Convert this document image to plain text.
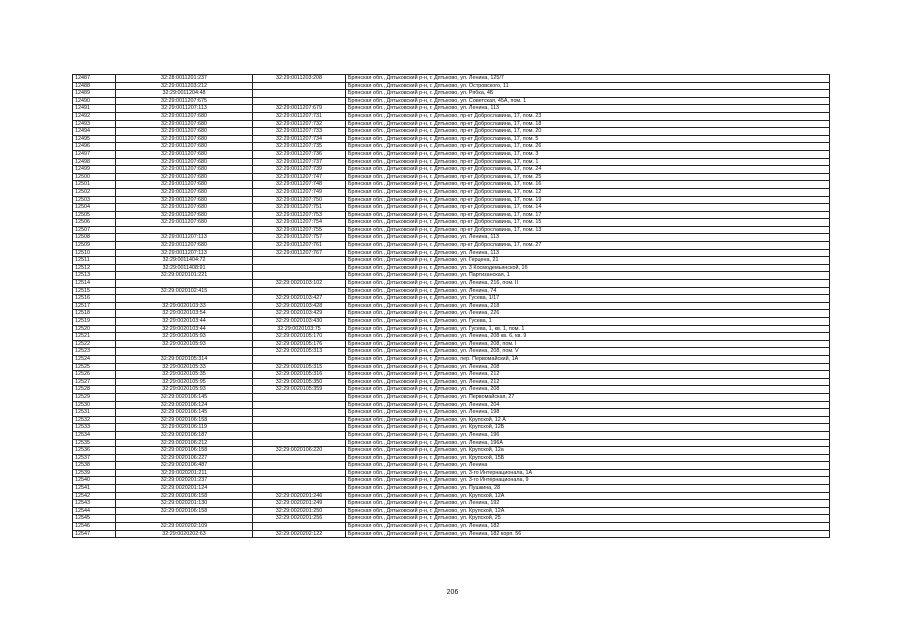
12487	32:28:0011201:237	32:29:0011203:208	Брянская обл., Дятьковский р-н, г. Дятьково, ул. Ленина, 125/7
12488	32:29:0011203:212		Брянская обл., Дятьковский р-н, г. Дятьково, ул. Островского, 11
12489	32:29:0011204:48		Брянская обл., Дятьковский р-н, г. Дятьково, ул. Рябка, 4Б
12490	32:29:0011207:675		Брянская обл., Дятьковский р-н, г. Дятьково, ул. Советская, 45А, пом. 1
12491	32:29:0011207:113	32:29:0011207:679	Брянская обл., Дятьковский р-н, г. Дятьково, ул. Ленина, 113
12492	32:29:0011207:680	32:29:0011207:731	Брянская обл., Дятьковский р-н, г. Дятьково, пр-кт Доброславина, 17, пом. 23
12493	32:29:0011207:680	32:29:0011207:732	Брянская обл., Дятьковский р-н, г. Дятьково, пр-кт Доброславина, 17, пом. 18
12494	32:29:0011207:680	32:29:0011207:733	Брянская обл., Дятьковский р-н, г. Дятьково, пр-кт Доброславина, 17, пом. 20
12495	32:29:0011207:680	32:29:0011207:734	Брянская обл., Дятьковский р-н, г. Дятьково, пр-кт Доброславина, 17, пом. 5
12496	32:29:0011207:680	32:29:0011207:735	Брянская обл., Дятьковский р-н, г. Дятьково, пр-кт Доброславина, 17, пом. 26
12497	32:29:0011207:680	32:29:0011207:736	Брянская обл., Дятьковский р-н, г. Дятьково, пр-кт Доброславина, 17, пом. 3
12498	32:29:0011207:680	32:29:0011207:737	Брянская обл., Дятьковский р-н, г. Дятьково, пр-кт Доброславина, 17, пом. 1
12499	32:29:0011207:680	32:29:0011207:739	Брянская обл., Дятьковский р-н, г. Дятьково, пр-кт Доброславина, 17, пом. 24
12500	32:29:0011207:680	32:29:0011207:747	Брянская обл., Дятьковский р-н, г. Дятьково, пр-кт Доброславина, 17, пом. 25
12501	32:29:0011207:680	32:29:0011207:748	Брянская обл., Дятьковский р-н, г. Дятьково, пр-кт Доброславина, 17, пом. 16
12502	32:29:0011207:680	32:29:0011207:749	Брянская обл., Дятьковский р-н, г. Дятьково, пр-кт Доброславина, 17, пом. 12
12503	32:29:0011207:680	32:29:0011207:750	Брянская обл., Дятьковский р-н, г. Дятьково, пр-кт Доброславина, 17, пом. 19
12504	32:29:0011207:680	32:29:0011207:751	Брянская обл., Дятьковский р-н, г. Дятьково, пр-кт Доброславина, 17, пом. 14
12505	32:29:0011207:680	32:29:0011207:753	Брянская обл., Дятьковский р-н, г. Дятьково, пр-кт Доброславина, 17, пом. 17
12506	32:29:0011207:680	32:29:0011207:754	Брянская обл., Дятьковский р-н, г. Дятьково, пр-кт Доброславина, 17, пом. 15
12507		32:29:0011207:755	Брянская обл., Дятьковский р-н, г. Дятьково, пр-кт Доброславина, 17, пом. 13
12508	32:29:0011207:113	32:29:0011207:757	Брянская обл., Дятьковский р-н, г. Дятьково, ул. Ленина, 113
12509	32:29:0011207:680	32:29:0011207:761	Брянская обл., Дятьковский р-н, г. Дятьково, пр-кт Доброславина, 17, пом. 27
12510	32:29:0011207:113	32:29:0011207:767	Брянская обл., Дятьковский р-н, г. Дятьково, ул. Ленина, 113
12511	32:29:0011404:72		Брянская обл., Дятьковский р-н, г. Дятьково, ул. Герцена, 21
12512	32:29:0011408:91		Брянская обл., Дятьковский р-н, г. Дятьково, ул. 3 Космодемьянской, 1б
12513	32:29:0020101:221		Брянская обл., Дятьковский р-н, г. Дятьково, ул. Партизанская, 1
12514		32:29:0020103:102	Брянская обл., Дятьковский р-н, г. Дятьково, ул. Ленина, 216, пом. II
12515	32:29:0020102:415		Брянская обл., Дятьковский р-н, г. Дятьково, ул. Ленина, 74
12516		32:29:0020103:427	Брянская обл., Дятьковский р-н, г. Дятьково, ул. Гусева, 1/17
12517	32:29:0020103:33	32:29:0020103:428	Брянская обл., Дятьковский р-н, г. Дятьково, ул. Ленина, 218
12518	32:29:0020103:54	32:29:0020103:429	Брянская обл., Дятьковский р-н, г. Дятьково, ул. Ленина, 226
12519	32:29:0020103:44	32:29:0020103:430	Брянская обл., Дятьковский р-н, г. Дятьково, ул. Гусева, 1
12520	32:29:0020103:44	32:29:0020103:75	Брянская обл., Дятьковский р-н, г. Дятьково, ул. Гусева, 1, кв. 1, пом. 1
12521	32:29:0020105:93	32:29:0020105:170	Брянская обл., Дятьковский р-н, г. Дятьково, ул. Ленина, 208 кв. 6, кв. 9
12522	32:29:0020105:93	32:29:0020105:176	Брянская обл., Дятьковский р-н, г. Дятьково, ул. Ленина, 208, пом. I
12523		32:29:0020105:313	Брянская обл., Дятьковский р-н, г. Дятьково, ул. Ленина, 208, пом. V
12524	32:29:0020105:314		Брянская обл., Дятьковский р-н, г. Дятьково, пер. Первомайский, 1А
12525	32:29:0020105:33	32:29:0020105:315	Брянская обл., Дятьковский р-н, г. Дятьково, ул. Ленина, 208
12526	32:29:0020105:35	32:29:0020105:316	Брянская обл., Дятьковский р-н, г. Дятьково, ул. Ленина, 212
12527	32:29:0020105:95	32:29:0020105:350	Брянская обл., Дятьковский р-н, г. Дятьково, ул. Ленина, 212
12528	32:29:0020105:93	32:29:0020105:359	Брянская обл., Дятьковский р-н, г. Дятьково, ул. Ленина, 208
12529	32:29:0020106:145		Брянская обл., Дятьковский р-н, г. Дятьково, ул. Первомайская, 27
12530	32:29:0020106:124		Брянская обл., Дятьковский р-н, г. Дятьково, ул. Ленина, 204
12531	32:29:0020106:145		Брянская обл., Дятьковский р-н, г. Дятьково, ул. Ленина, 198
12532	32:29:0020106:158		Брянская обл., Дятьковский р-н, г. Дятьково, ул. Крупской, 12 А
12533	32:29:0020106:119		Брянская обл., Дятьковский р-н, г. Дятьково, ул. Крупской, 12Б
12534	32:29:0020106:187		Брянская обл., Дятьковский р-н, г. Дятьково, ул. Ленина, 196
12535	32:29:0020106:212		Брянская обл., Дятьковский р-н, г. Дятьково, ул. Ленина, 196А
12536	32:29:0020106:158	32:29:0020106:220	Брянская обл., Дятьковский р-н, г. Дятьково, ул. Крупской, 12а
12537	32:29:0020106:227		Брянская обл., Дятьковский р-н, г. Дятьково, ул. Крупской, 15Б
12538	32:29:0020106:487		Брянская обл., Дятьковский р-н, г. Дятьково, ул. Ленина
12539	32:29:0020201:211		Брянская обл., Дятьковский р-н, г. Дятьково, ул. 3-го Интернационала, 1А
12540	32:29:0020201:237		Брянская обл., Дятьковский р-н, г. Дятьково, ул. 3-го Интернационала, 9
12541	32:29:0020201:124		Брянская обл., Дятьковский р-н, г. Дятьково, ул. Пушкина, 28
12542	32:29:0020106:158	32:29:0020201:246	Брянская обл., Дятьковский р-н, г. Дятьково, ул. Крупской, 12А
12543	32:29:0020201:130	32:29:0020201:249	Брянская обл., Дятьковский р-н, г. Дятьково, ул. Ленина, 192
12544	32:29:0020106:158	32:29:0020201:250	Брянская обл., Дятьковский р-н, г. Дятьково, ул. Крупской, 12А
12545		32:29:0020201:256	Брянская обл., Дятьковский р-н, г. Дятьково, ул. Крупской, 25
12546	32:29:0020202:109		Брянская обл., Дятьковский р-н, г. Дятьково, ул. Ленина, 182
12547	32:29:0020202:63	32:29:0020202:122	Брянская обл., Дятьковский р-н, г. Дятьково, ул. Ленина, 182 корп. 56
206
